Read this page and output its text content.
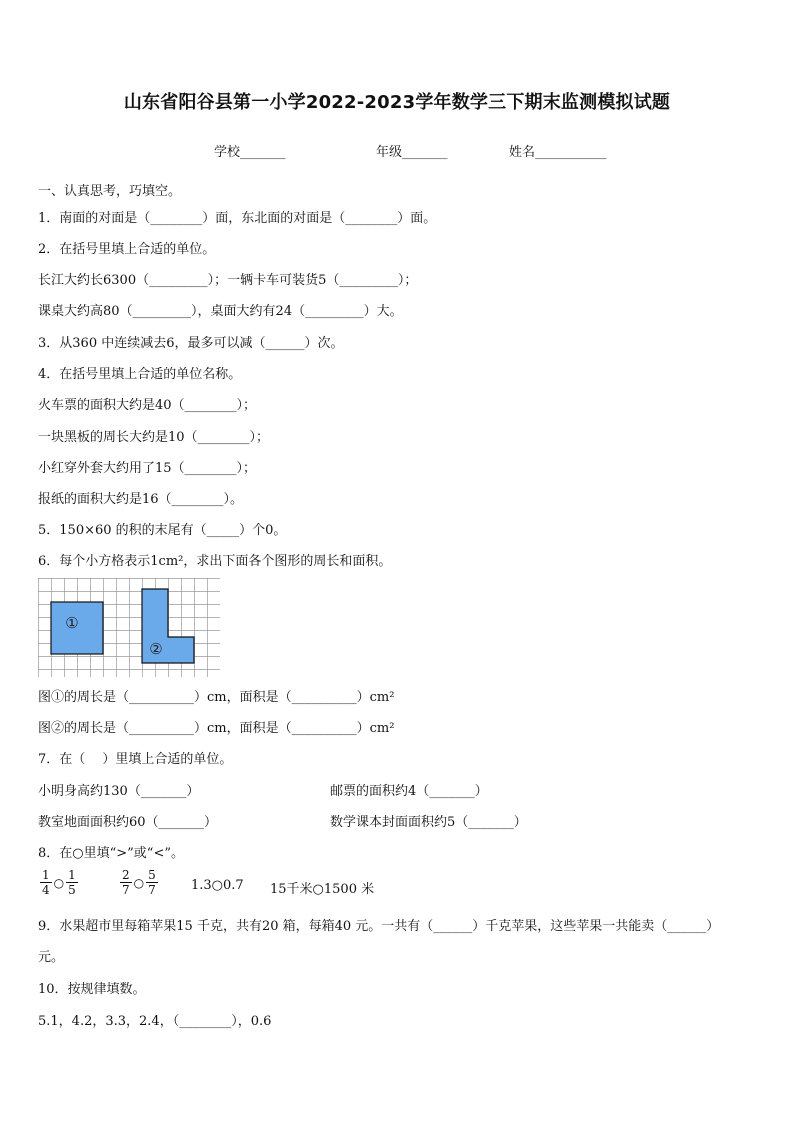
山东省阳谷县第一小学2022-2023学年数学三下期末监测模拟试题
学校_______	年级_______	姓名___________
一、认真思考，巧填空。
1．南面的对面是（________）面，东北面的对面是（________）面。
2．在括号里填上合适的单位。
长江大约长6300（_________）；一辆卡车可装货5（_________）；
课桌大约高80（_________），桌面大约有24（_________）大。
3．从360 中连续减去6，最多可以减（______）次。
4．在括号里填上合适的单位名称。
火车票的面积大约是40（________）；
一块黑板的周长大约是10（________）；
小红穿外套大约用了15（________）；
报纸的面积大约是16（________）。
5．150×60 的积的末尾有（_____）个0。
6．每个小方格表示1cm²，求出下面各个图形的周长和面积。
①
②
图①的周长是（__________）cm，面积是（__________）cm²
图②的周长是（__________）cm，面积是（__________）cm²
7．在（　 ）里填上合适的单位。
小明身高约130（_______）	邮票的面积约4（_______）
教室地面面积约60（_______）	数学课本封面面积约5（_______）
8．在○里填“>”或“<”。
$\frac{1}{4}$ ○ $\frac{1}{5}$	$\frac{2}{7}$ ○ $\frac{5}{7}$	1.3○0.7 15千米○1500 米
9．水果超市里每箱苹果15 千克，共有20 箱，每箱40 元。一共有（______）千克苹果，这些苹果一共能卖（______）
元。
10．按规律填数。
5.1，4.2，3.3，2.4，（________），0.6
